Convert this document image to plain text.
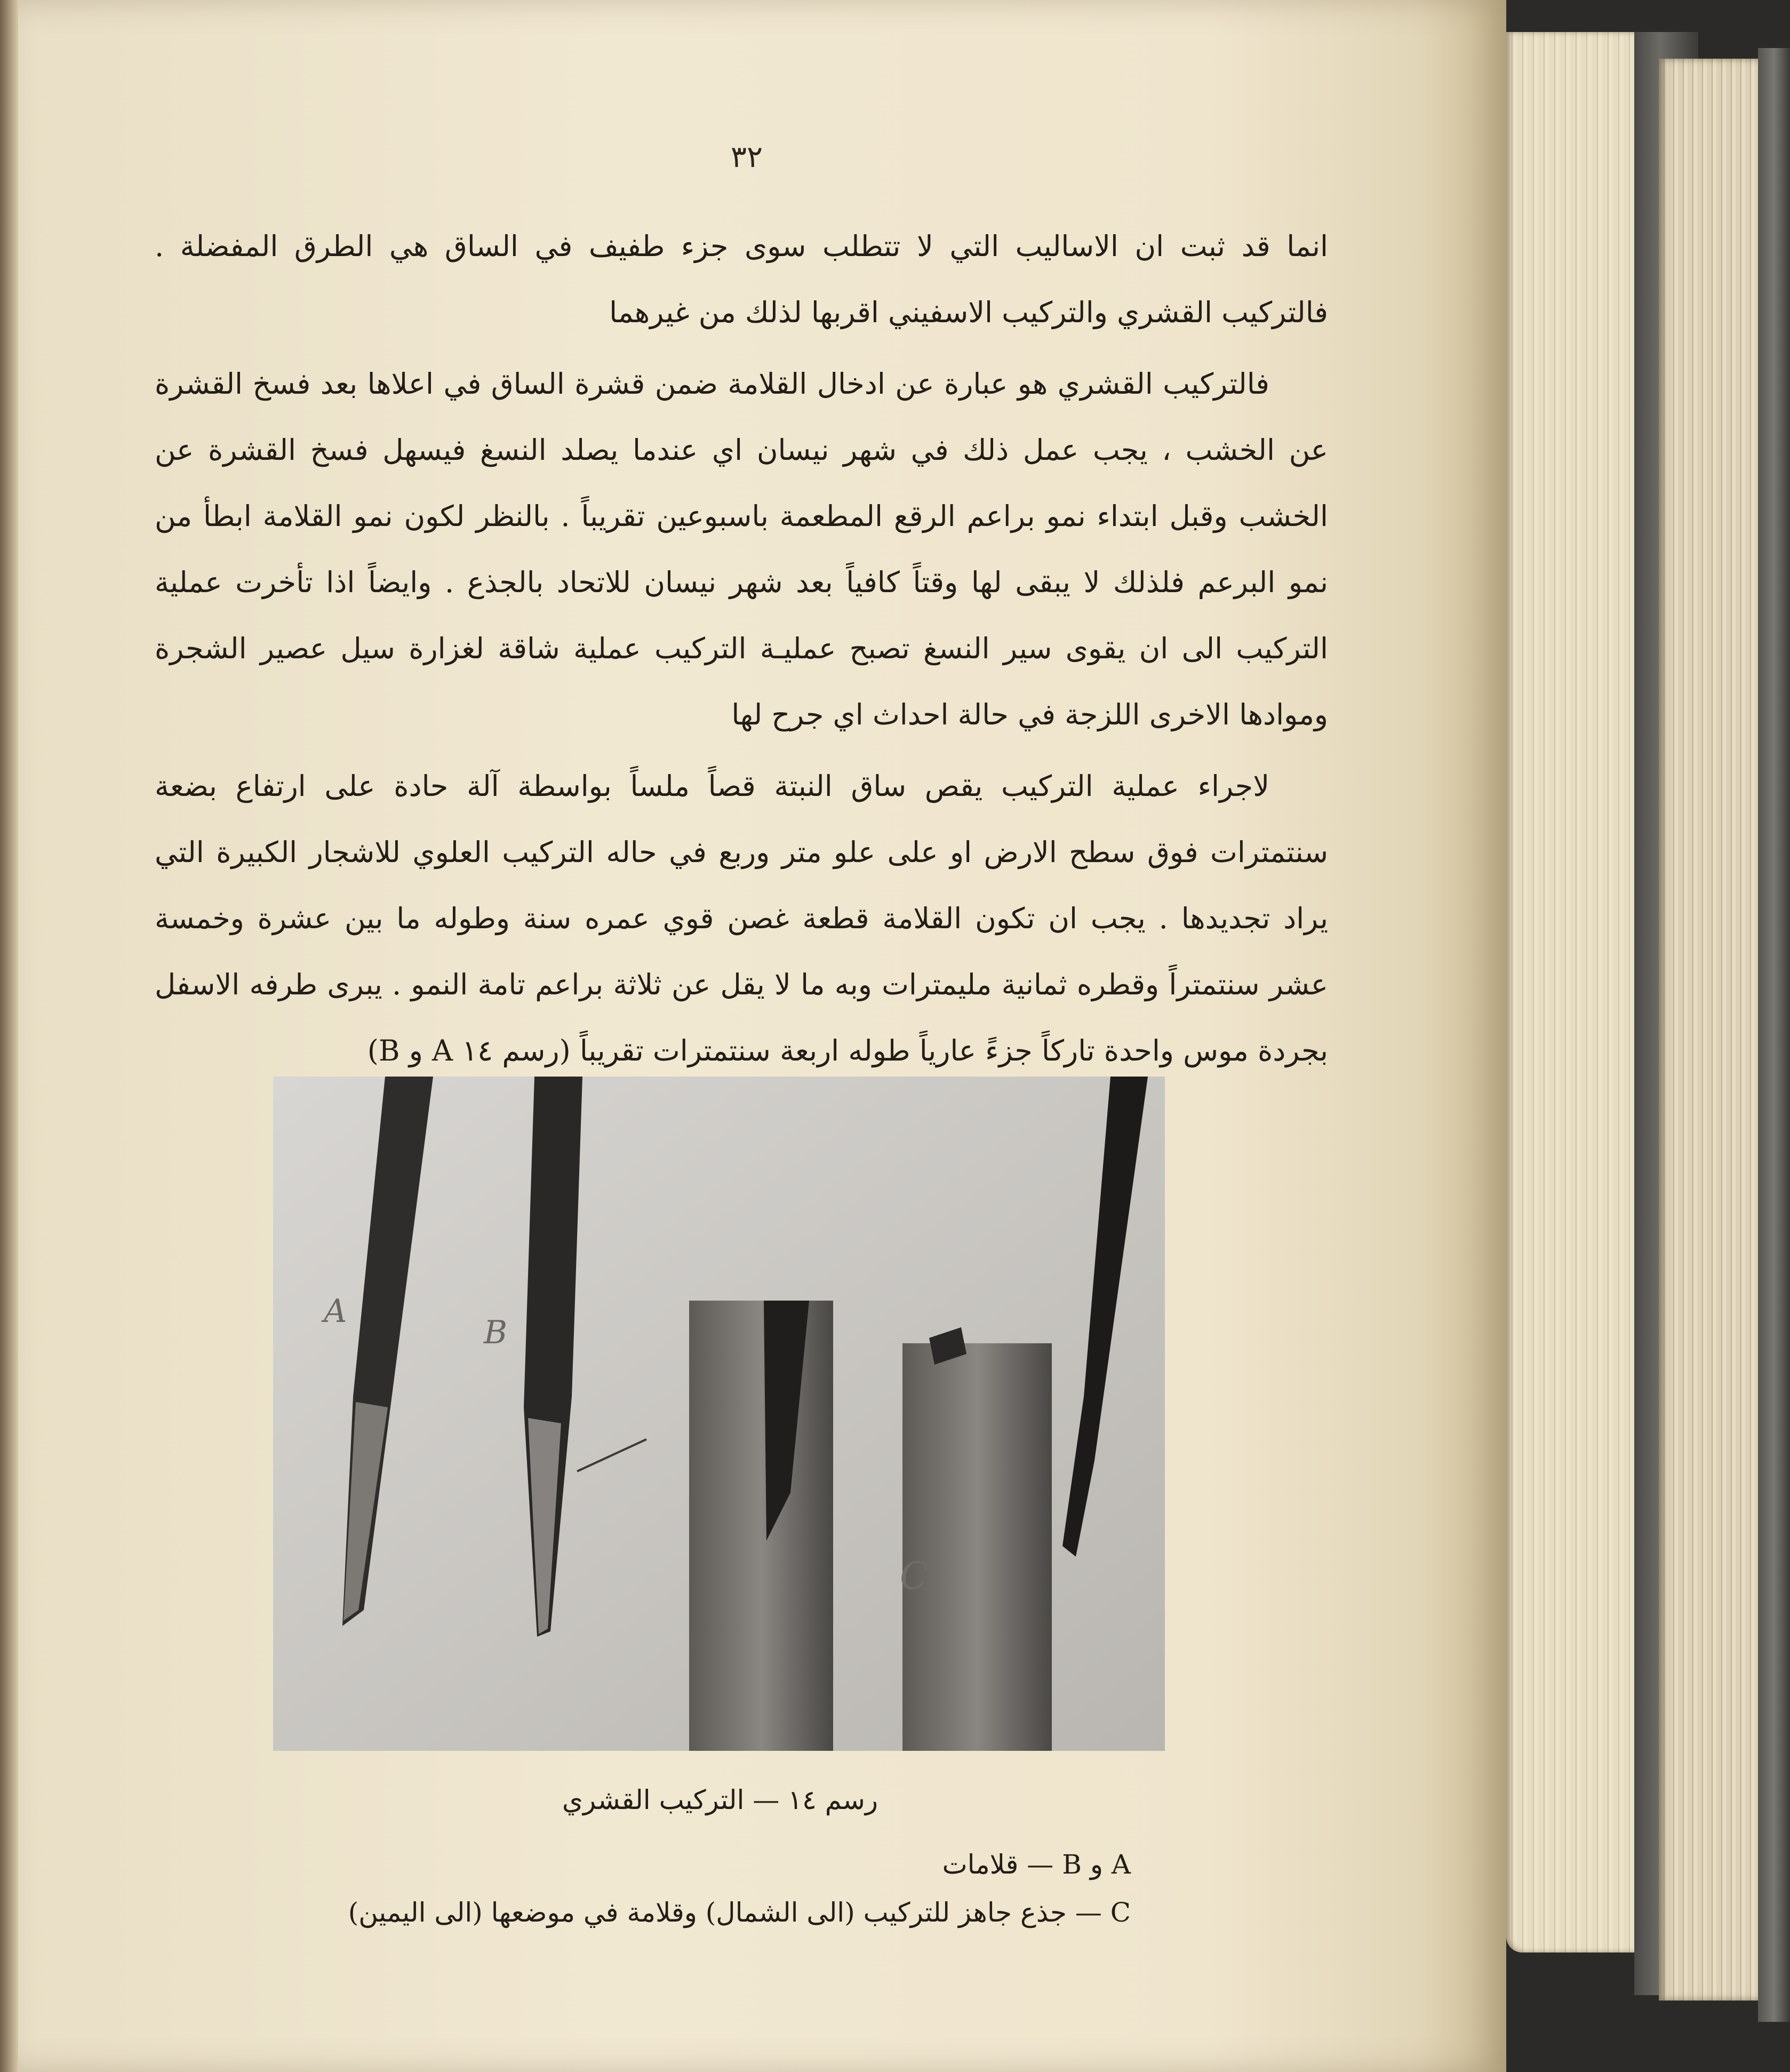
٣٢

انما قد ثبت ان الاساليب التي لا تتطلب سوى جزء طفيف في الساق هي الطرق المفضلة . فالتركيب القشري والتركيب الاسفيني اقربها لذلك من غيرهما

فالتركيب القشري هو عبارة عن ادخال القلامة ضمن قشرة الساق في اعلاها بعد فسخ القشرة عن الخشب ، يجب عمل ذلك في شهر نيسان اي عندما يصلد النسغ فيسهل فسخ القشرة عن الخشب وقبل ابتداء نمو براعم الرقع المطعمة باسبوعين تقريباً . بالنظر لكون نمو القلامة ابطأ من نمو البرعم فلذلك لا يبقى لها وقتاً كافياً بعد شهر نيسان للاتحاد بالجذع . وايضاً اذا تأخرت عملية التركيب الى ان يقوى سير النسغ تصبح عمليـة التركيب عملية شاقة لغزارة سيل عصير الشجرة وموادها الاخرى اللزجة في حالة احداث اي جرح لها

لاجراء عملية التركيب يقص ساق النبتة قصاً ملساً بواسطة آلة حادة على ارتفاع بضعة سنتمترات فوق سطح الارض او على علو متر وربع في حاله التركيب العلوي للاشجار الكبيرة التي يراد تجديدها . يجب ان تكون القلامة قطعة غصن قوي عمره سنة وطوله ما بين عشرة وخمسة عشر سنتمتراً وقطره ثمانية مليمترات وبه ما لا يقل عن ثلاثة براعم تامة النمو . يبرى طرفه الاسفل بجردة موس واحدة تاركاً جزءً عارياً طوله اربعة سنتمترات تقريباً (رسم ١٤ A و B)

A
B
C
رسم ١٤ — التركيب القشري
A و B — قلامات
C — جذع جاهز للتركيب (الى الشمال) وقلامة في موضعها (الى اليمين)
